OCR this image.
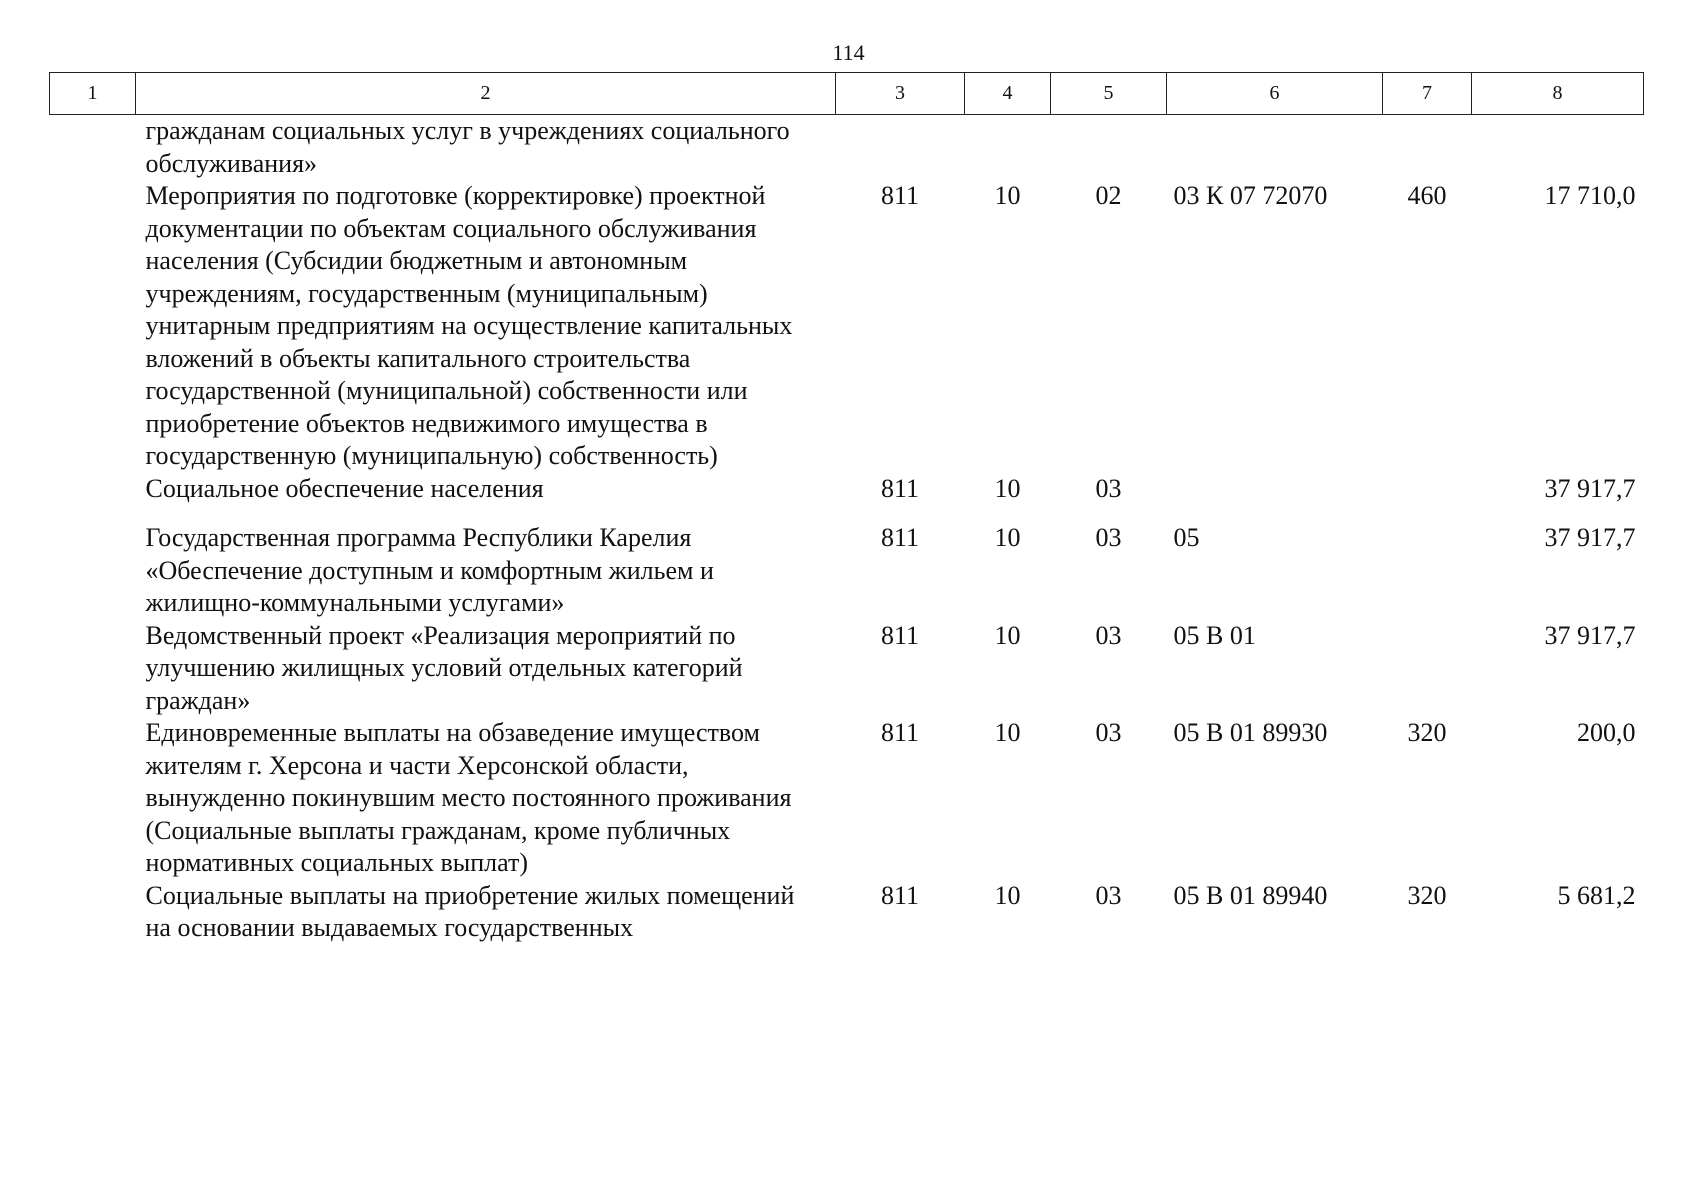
114
1	2	3	4	5	6	7	8
	гражданам социальных услуг в учреждениях социального обслуживания»						
	Мероприятия по подготовке (корректировке) проектной документации по объектам социального обслуживания населения (Субсидии бюджетным и автономным учреждениям, государственным (муниципальным) унитарным предприятиям на осуществление капитальных вложений в объекты капитального строительства государственной (муниципальной) собственности или приобретение объектов недвижимого имущества в государственную (муниципальную) собственность)	811	10	02	03 К 07 72070	460	17 710,0
	Социальное обеспечение населения	811	10	03			37 917,7
	Государственная программа Республики Карелия «Обеспечение доступным и комфортным жильем и жилищно-коммунальными услугами»	811	10	03	05		37 917,7
	Ведомственный проект «Реализация мероприятий по улучшению жилищных условий отдельных категорий граждан»	811	10	03	05 В 01		37 917,7
	Единовременные выплаты на обзаведение имуществом жителям г. Херсона и части Херсонской области, вынужденно покинувшим место постоянного проживания (Социальные выплаты гражданам, кроме публичных нормативных социальных выплат)	811	10	03	05 В 01 89930	320	200,0
	Социальные выплаты на приобретение жилых помещений на основании выдаваемых государственных	811	10	03	05 В 01 89940	320	5 681,2
